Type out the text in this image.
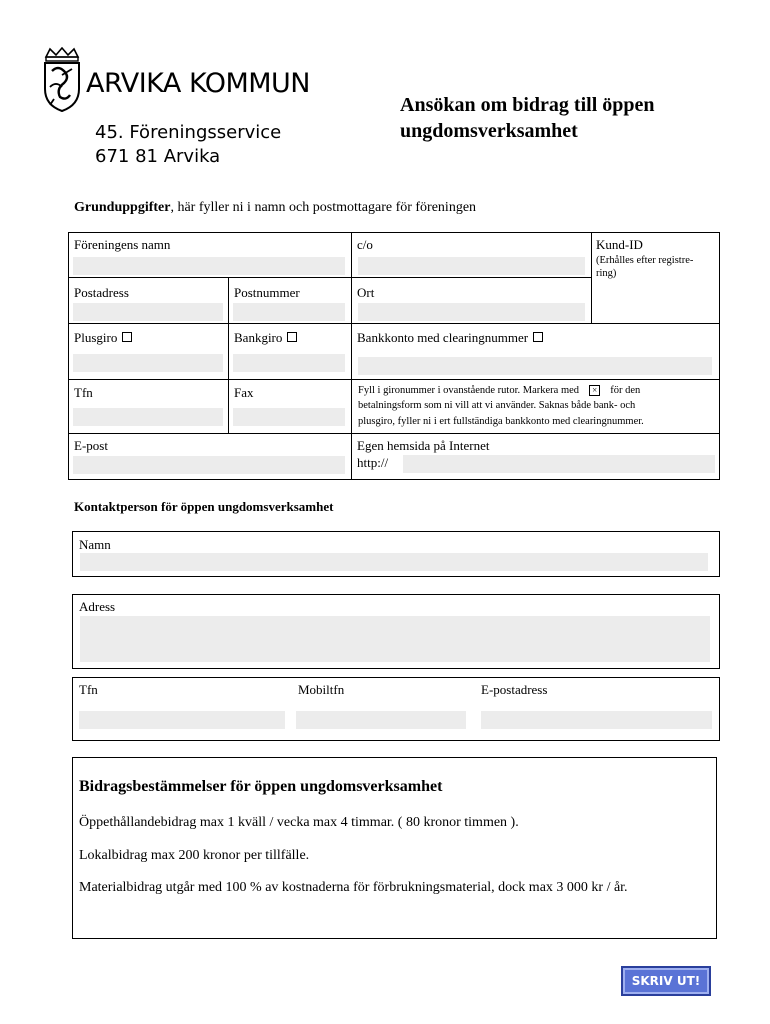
ARVIKA KOMMUN
45. Föreningsservice
671 81 Arvika
Ansökan om bidrag till öppen
ungdomsverksamhet
Grunduppgifter, här fyller ni i namn och postmottagare för föreningen
Föreningens namn	c/o	Kund-ID
(Erhålles efter registre-
ring)
Postadress	Postnummer	Ort
Plusgiro	Bankgiro	Bankkonto med clearingnummer
Tfn	Fax	Fyll i gironummer i ovanstående rutor. Markera med × för den
betalningsform som ni vill att vi använder. Saknas både bank- och
plusgiro, fyller ni i ert fullständiga bankkonto med clearingnummer.
E-post	Egen hemsida på Internet
http://
Kontaktperson för öppen ungdomsverksamhet
Namn
Adress
Tfn	Mobiltfn	E-postadress
Bidragsbestämmelser för öppen ungdomsverksamhet
Öppethållandebidrag max 1 kväll / vecka max 4 timmar. ( 80 kronor timmen ).
Lokalbidrag max 200 kronor per tillfälle.
Materialbidrag utgår med 100 % av kostnaderna för förbrukningsmaterial, dock max 3 000 kr / år.
SKRIV UT!
